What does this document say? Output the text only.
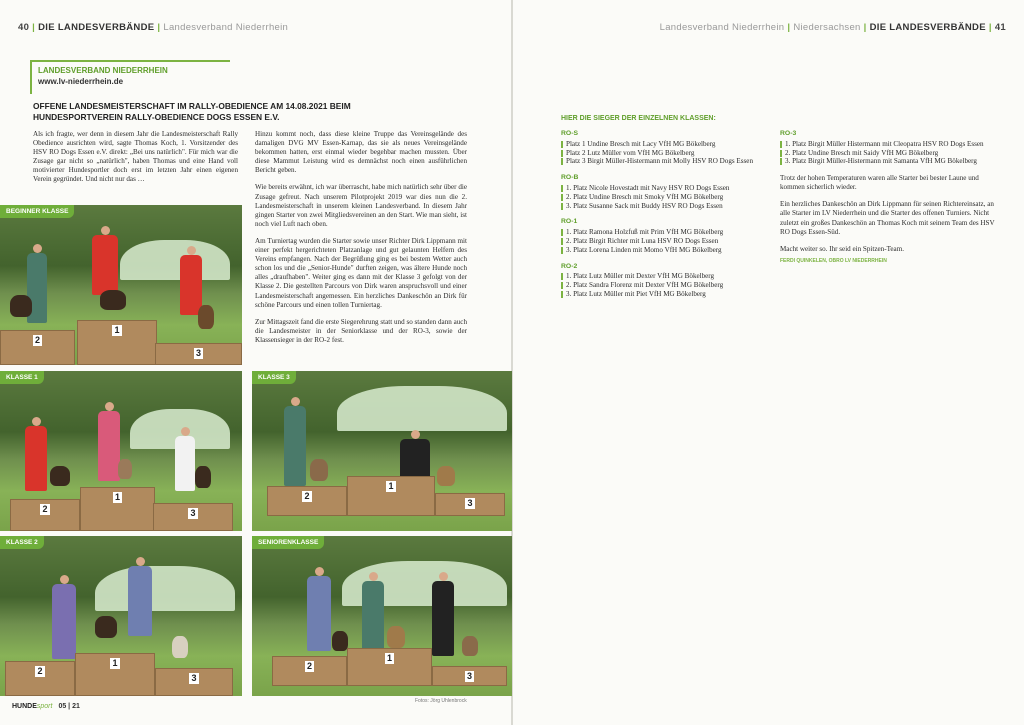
40 | DIE LANDESVERBÄNDE | Landesverband Niederrhein
LANDESVERBAND NIEDERRHEIN
www.lv-niederrhein.de
OFFENE LANDESMEISTERSCHAFT IM RALLY-OBEDIENCE AM 14.08.2021 BEIM
HUNDESPORTVEREIN RALLY-OBEDIENCE DOGS ESSEN E.V.

Als ich fragte, wer denn in diesem Jahr die Landesmeisterschaft Rally Obedience ausrichten wird, sagte Thomas Koch, 1. Vorsitzender des HSV RO Dogs Essen e.V. direkt: „Bei uns natürlich". Für mich war die Zusage gar nicht so „natürlich", haben Thomas und eine Hand voll motivierter Hundesportler doch erst im letzten Jahr einen eigenen Verein gegründet. Und nicht nur das …

Hinzu kommt noch, dass diese kleine Truppe das Vereinsgelände des damaligen DVG MV Essen-Karnap, das sie als neues Vereinsgelände bekommen hatten, erst einmal wieder begehbar machen mussten. Über diese Mammut Leistung wird es demnächst noch einen ausführlichen Bericht geben.

Wie bereits erwähnt, ich war überrascht, habe mich natürlich sehr über die Zusage gefreut. Nach unserem Pilotprojekt 2019 war dies nun die 2. Landesmeisterschaft in unserem kleinen Landesverband. In diesem Jahr gingen Starter von zwei Mitgliedsvereinen an den Start. Wie man sieht, ist noch viel Luft nach oben.

Am Turniertag wurden die Starter sowie unser Richter Dirk Lippmann mit einer perfekt hergerichteten Platzanlage und gut gelaunten Helfern des Vereins empfangen. Nach der Begrüßung ging es bei bestem Wetter auch schon los und die „Senior-Hunde" durften zeigen, was ältere Hunde noch alles „draufhaben". Weiter ging es dann mit der Klasse 3 gefolgt von der Klasse 2. Die gestellten Parcours von Dirk waren anspruchsvoll und einer Landesmeisterschaft angemessen. Ein herzliches Dankeschön an Dirk für schöne Parcours und einen tollen Turniertag.

Zur Mittagszeit fand die erste Siegerehrung statt und so standen dann auch die Landesmeister in der Seniorklasse und der RO-3, sowie der Klassensieger in der RO-2 fest.

BEGINNER KLASSE
2
1
3
KLASSE 1
2
1
3
KLASSE 3
2
1
3
KLASSE 2
2
1
3
SENIORENKLASSE
2
1
3
Fotos: Jörg Uhlenbrock
HUNDEsport 05 | 21
Landesverband Niederrhein | Niedersachsen | DIE LANDESVERBÄNDE | 41
HIER DIE SIEGER DER EINZELNEN KLASSEN:
RO-S
Platz 1 Undine Bresch mit Lacy VfH MG Bökelberg
Platz 2 Lutz Müller vom VfH MG Bökelberg
Platz 3 Birgit Müller-Histermann mit Molly HSV RO Dogs Essen
RO-B
1. Platz Nicole Hovestadt mit Navy HSV RO Dogs Essen
2. Platz Undine Bresch mit Smoky VfH MG Bökelberg
3. Platz Susanne Sack mit Buddy HSV RO Dogs Essen
RO-1
1. Platz Ramona Holzfuß mit Prim VfH MG Bökelberg
2. Platz Birgit Richter mit Luna HSV RO Dogs Essen
3. Platz Lorena Linden mit Momo VfH MG Bökelberg
RO-2
1. Platz Lutz Müller mit Dexter VfH MG Bökelberg
2. Platz Sandra Florenz mit Dexter VfH MG Bökelberg
3. Platz Lutz Müller mit Piet VfH MG Bökelberg
RO-3
1. Platz Birgit Müller Histermann mit Cleopatra HSV RO Dogs Essen
2. Platz Undine Bresch mit Saidy VfH MG Bökelberg
3. Platz Birgit Müller-Histermann mit Samanta VfH MG Bökelberg
Trotz der hohen Temperaturen waren alle Starter bei bester Laune und kommen sicherlich wieder.
Ein herzliches Dankeschön an Dirk Lippmann für seinen Richtereinsatz, an alle Starter im LV Niederrhein und die Starter des offenen Turniers. Nicht zuletzt ein großes Dankeschön an Thomas Koch mit seinem Team des HSV RO Dogs Essen-Süd.
Macht weiter so. Ihr seid ein Spitzen-Team.
FERDI QUINKELEN, OBRO LV NIEDERRHEIN
